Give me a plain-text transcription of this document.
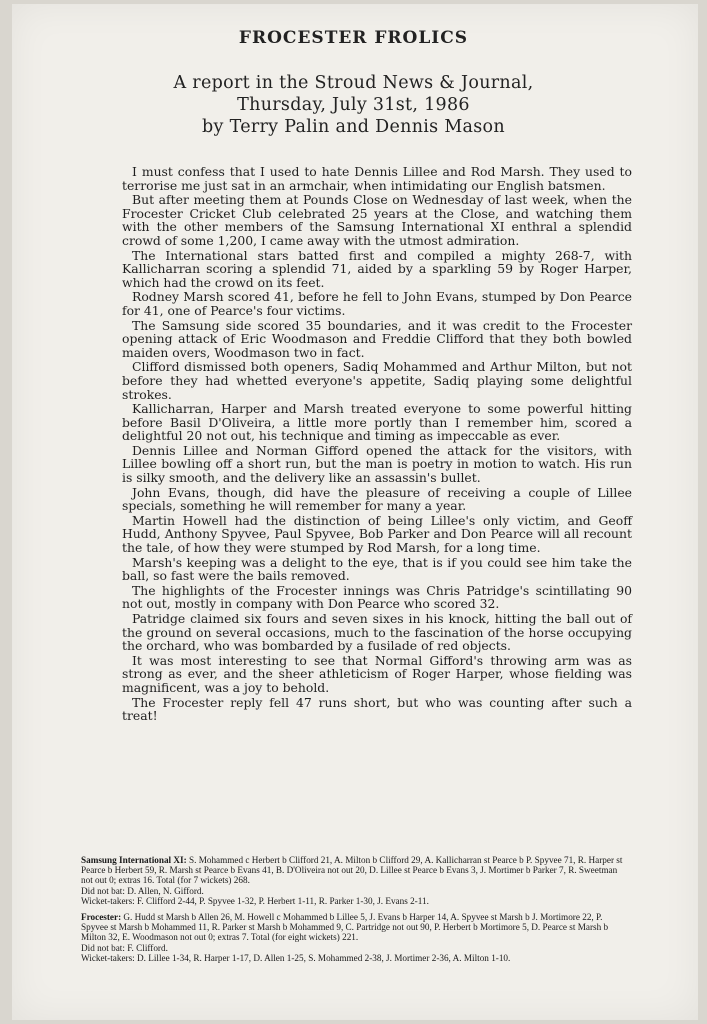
FROCESTER FROLICS
A report in the Stroud News & Journal,
Thursday, July 31st, 1986
by Terry Palin and Dennis Mason

I must confess that I used to hate Dennis Lillee and Rod Marsh. They used to terrorise me just sat in an armchair, when intimidating our English batsmen.

But after meeting them at Pounds Close on Wednesday of last week, when the Frocester Cricket Club celebrated 25 years at the Close, and watching them with the other members of the Samsung International XI enthral a splendid crowd of some 1,200, I came away with the utmost admiration.

The International stars batted first and compiled a mighty 268-7, with Kallicharran scoring a splendid 71, aided by a sparkling 59 by Roger Harper, which had the crowd on its feet.

Rodney Marsh scored 41, before he fell to John Evans, stumped by Don Pearce for 41, one of Pearce's four victims.

The Samsung side scored 35 boundaries, and it was credit to the Frocester opening attack of Eric Woodmason and Freddie Clifford that they both bowled maiden overs, Woodmason two in fact.

Clifford dismissed both openers, Sadiq Mohammed and Arthur Milton, but not before they had whetted everyone's appetite, Sadiq playing some delightful strokes.

Kallicharran, Harper and Marsh treated everyone to some powerful hitting before Basil D'Oliveira, a little more portly than I remember him, scored a delightful 20 not out, his technique and timing as impeccable as ever.

Dennis Lillee and Norman Gifford opened the attack for the visitors, with Lillee bowling off a short run, but the man is poetry in motion to watch. His run is silky smooth, and the delivery like an assassin's bullet.

John Evans, though, did have the pleasure of receiving a couple of Lillee specials, something he will remember for many a year.

Martin Howell had the distinction of being Lillee's only victim, and Geoff Hudd, Anthony Spyvee, Paul Spyvee, Bob Parker and Don Pearce will all recount the tale, of how they were stumped by Rod Marsh, for a long time.

Marsh's keeping was a delight to the eye, that is if you could see him take the ball, so fast were the bails removed.

The highlights of the Frocester innings was Chris Patridge's scintillating 90 not out, mostly in company with Don Pearce who scored 32.

Patridge claimed six fours and seven sixes in his knock, hitting the ball out of the ground on several occasions, much to the fascination of the horse occupying the orchard, who was bombarded by a fusilade of red objects.

It was most interesting to see that Normal Gifford's throwing arm was as strong as ever, and the sheer athleticism of Roger Harper, whose fielding was magnificent, was a joy to behold.

The Frocester reply fell 47 runs short, but who was counting after such a treat!

Samsung International XI: S. Mohammed c Herbert b Clifford 21, A. Milton b Clifford 29, A. Kallicharran st Pearce b P. Spyvee 71, R. Harper st Pearce b Herbert 59, R. Marsh st Pearce b Evans 41, B. D'Oliveira not out 20, D. Lillee st Pearce b Evans 3, J. Mortimer b Parker 7, R. Sweetman not out 0; extras 16. Total (for 7 wickets) 268.
Did not bat: D. Allen, N. Gifford.
Wicket-takers: F. Clifford 2-44, P. Spyvee 1-32, P. Herbert 1-11, R. Parker 1-30, J. Evans 2-11.
Frocester: G. Hudd st Marsh b Allen 26, M. Howell c Mohammed b Lillee 5, J. Evans b Harper 14, A. Spyvee st Marsh b J. Mortimore 22, P. Spyvee st Marsh b Mohammed 11, R. Parker st Marsh b Mohammed 9, C. Partridge not out 90, P. Herbert b Mortimore 5, D. Pearce st Marsh b Milton 32, E. Woodmason not out 0; extras 7. Total (for eight wickets) 221.
Did not bat: F. Clifford.
Wicket-takers: D. Lillee 1-34, R. Harper 1-17, D. Allen 1-25, S. Mohammed 2-38, J. Mortimer 2-36, A. Milton 1-10.
